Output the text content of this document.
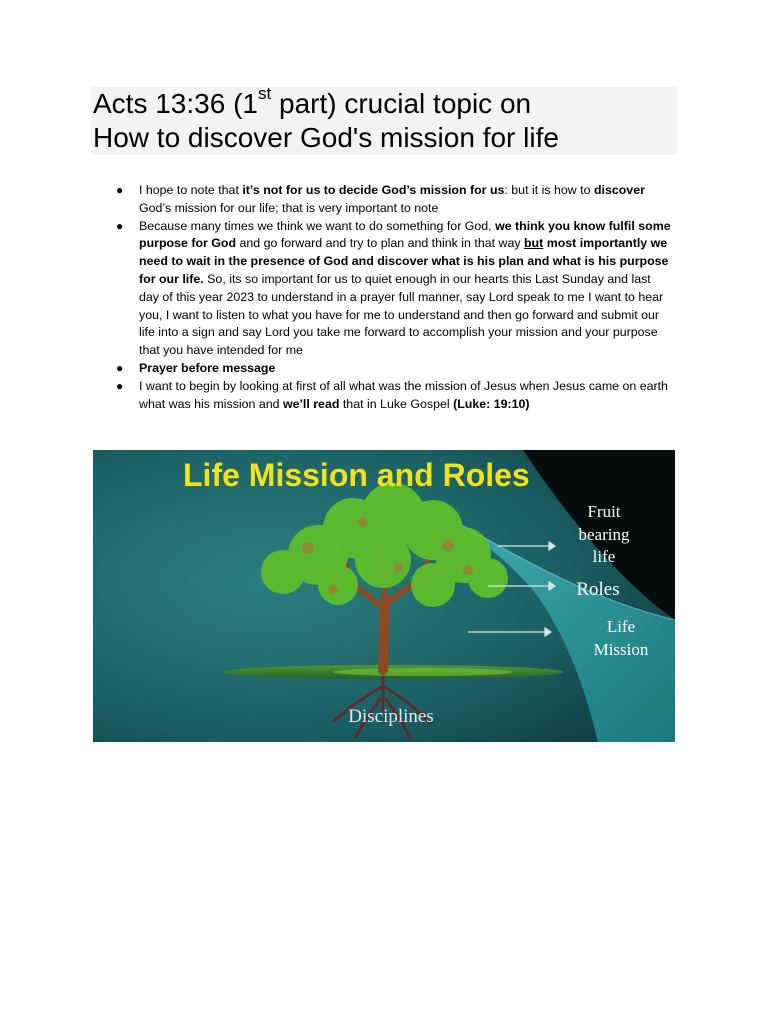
Acts 13:36 (1st part) crucial topic on
How to discover God's mission for life
● I hope to note that it’s not for us to decide God’s mission for us: but it is how to discover God’s mission for our life; that is very important to note

● Because many times we think we want to do something for God, we think you know fulfil some purpose for God and go forward and try to plan and think in that way but most importantly we need to wait in the presence of God and discover what is his plan and what is his purpose for our life. So, its so important for us to quiet enough in our hearts this Last Sunday and last day of this year 2023 to understand in a prayer full manner, say Lord speak to me I want to hear you, I want to listen to what you have for me to understand and then go forward and submit our life into a sign and say Lord you take me forward to accomplish your mission and your purpose that you have intended for me

● Prayer before message

● I want to begin by looking at first of all what was the mission of Jesus when Jesus came on earth what was his mission and we’ll read that in Luke Gospel (Luke: 19:10)

Life Mission and Roles
Fruit
bearing
life
Roles
Life
Mission
Disciplines
